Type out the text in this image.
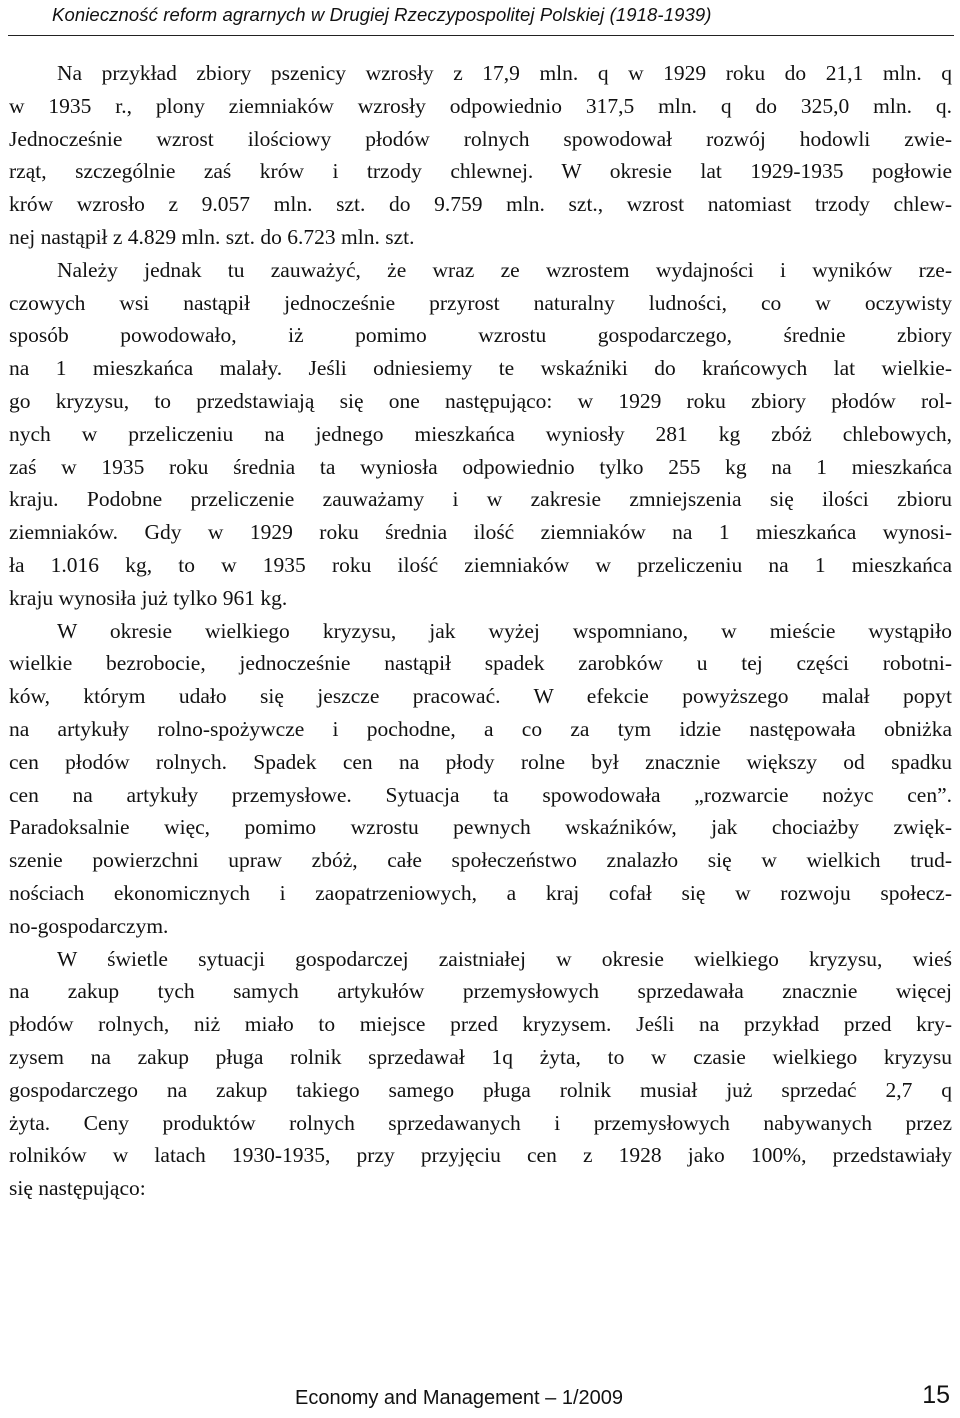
Konieczność reform agrarnych w Drugiej Rzeczypospolitej Polskiej (1918-1939)
Na przykład zbiory pszenicy wzrosły z 17,9 mln. q w 1929 roku do 21,1 mln. q
w 1935 r., plony ziemniaków wzrosły odpowiednio 317,5 mln. q do 325,0 mln. q.
Jednocześnie wzrost ilościowy płodów rolnych spowodował rozwój hodowli zwie-
rząt, szczególnie zaś krów i trzody chlewnej. W okresie lat 1929-1935 pogłowie
krów wzrosło z 9.057 mln. szt. do 9.759 mln. szt., wzrost natomiast trzody chlew-
nej nastąpił z 4.829 mln. szt. do 6.723 mln. szt.
Należy jednak tu zauważyć, że wraz ze wzrostem wydajności i wyników rze-
czowych wsi nastąpił jednocześnie przyrost naturalny ludności, co w oczywisty
sposób powodowało, iż pomimo wzrostu gospodarczego, średnie zbiory
na 1 mieszkańca malały. Jeśli odniesiemy te wskaźniki do krańcowych lat wielkie-
go kryzysu, to przedstawiają się one następująco: w 1929 roku zbiory płodów rol-
nych w przeliczeniu na jednego mieszkańca wyniosły 281 kg zbóż chlebowych,
zaś w 1935 roku średnia ta wyniosła odpowiednio tylko 255 kg na 1 mieszkańca
kraju. Podobne przeliczenie zauważamy i w zakresie zmniejszenia się ilości zbioru
ziemniaków. Gdy w 1929 roku średnia ilość ziemniaków na 1 mieszkańca wynosi-
ła 1.016 kg, to w 1935 roku ilość ziemniaków w przeliczeniu na 1 mieszkańca
kraju wynosiła już tylko 961 kg.
W okresie wielkiego kryzysu, jak wyżej wspomniano, w mieście wystąpiło
wielkie bezrobocie, jednocześnie nastąpił spadek zarobków u tej części robotni-
ków, którym udało się jeszcze pracować. W efekcie powyższego malał popyt
na artykuły rolno-spożywcze i pochodne, a co za tym idzie następowała obniżka
cen płodów rolnych. Spadek cen na płody rolne był znacznie większy od spadku
cen na artykuły przemysłowe. Sytuacja ta spowodowała „rozwarcie nożyc cen”.
Paradoksalnie więc, pomimo wzrostu pewnych wskaźników, jak chociażby zwięk-
szenie powierzchni upraw zbóż, całe społeczeństwo znalazło się w wielkich trud-
nościach ekonomicznych i zaopatrzeniowych, a kraj cofał się w rozwoju społecz-
no-gospodarczym.
W świetle sytuacji gospodarczej zaistniałej w okresie wielkiego kryzysu, wieś
na zakup tych samych artykułów przemysłowych sprzedawała znacznie więcej
płodów rolnych, niż miało to miejsce przed kryzysem. Jeśli na przykład przed kry-
zysem na zakup pługa rolnik sprzedawał 1q żyta, to w czasie wielkiego kryzysu
gospodarczego na zakup takiego samego pługa rolnik musiał już sprzedać 2,7 q
żyta. Ceny produktów rolnych sprzedawanych i przemysłowych nabywanych przez
rolników w latach 1930-1935, przy przyjęciu cen z 1928 jako 100%, przedstawiały
się następująco:
Economy and Management – 1/2009	15
